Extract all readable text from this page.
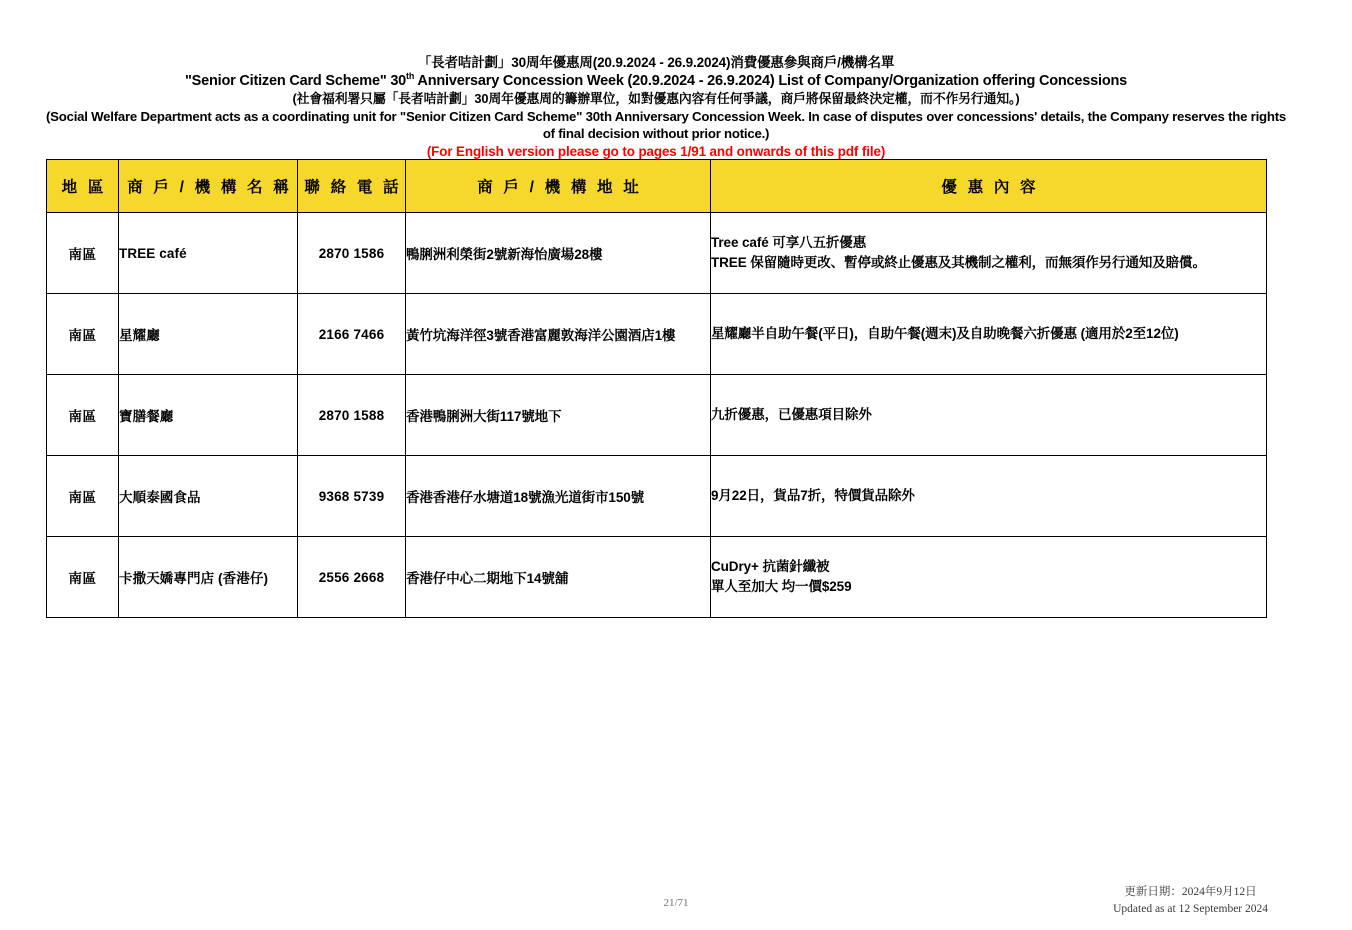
「長者咭計劃」30周年優惠周(20.9.2024 - 26.9.2024)消費優惠參與商戶/機構名單
"Senior Citizen Card Scheme" 30th Anniversary Concession Week (20.9.2024 - 26.9.2024) List of Company/Organization offering Concessions
(社會福利署只屬「長者咭計劃」30周年優惠周的籌辦單位，如對優惠內容有任何爭議，商戶將保留最終決定權，而不作另行通知。)
(Social Welfare Department acts as a coordinating unit for "Senior Citizen Card Scheme" 30th Anniversary Concession Week. In case of disputes over concessions' details, the Company reserves the rights
of final decision without prior notice.)
(For English version please go to pages 1/91 and onwards of this pdf file)
地 區	商 戶 / 機 構 名 稱	聯 絡 電 話	商 戶 / 機 構 地 址	優 惠 內 容
南區	TREE café	2870 1586	鴨脷洲利榮街2號新海怡廣場28樓	Tree café 可享八五折優惠
TREE 保留隨時更改、暫停或終止優惠及其機制之權利，而無須作另行通知及賠償。

南區	星耀廳	2166 7466	黃竹坑海洋徑3號香港富麗敦海洋公園酒店1樓	星耀廳半自助午餐(平日)，自助午餐(週末)及自助晚餐六折優惠 (適用於2至12位)

南區	寶膳餐廳	2870 1588	香港鴨脷洲大街117號地下	九折優惠，已優惠項目除外

南區	大順泰國食品	9368 5739	香港香港仔水塘道18號漁光道街市150號	9月22日，貨品7折，特價貨品除外

南區	卡撒天嬌專門店 (香港仔)	2556 2668	香港仔中心二期地下14號舖	CuDry+ 抗菌針纖被
單人至加大 均一價$259
21/71
更新日期：2024年9月12日
Updated as at 12 September 2024
